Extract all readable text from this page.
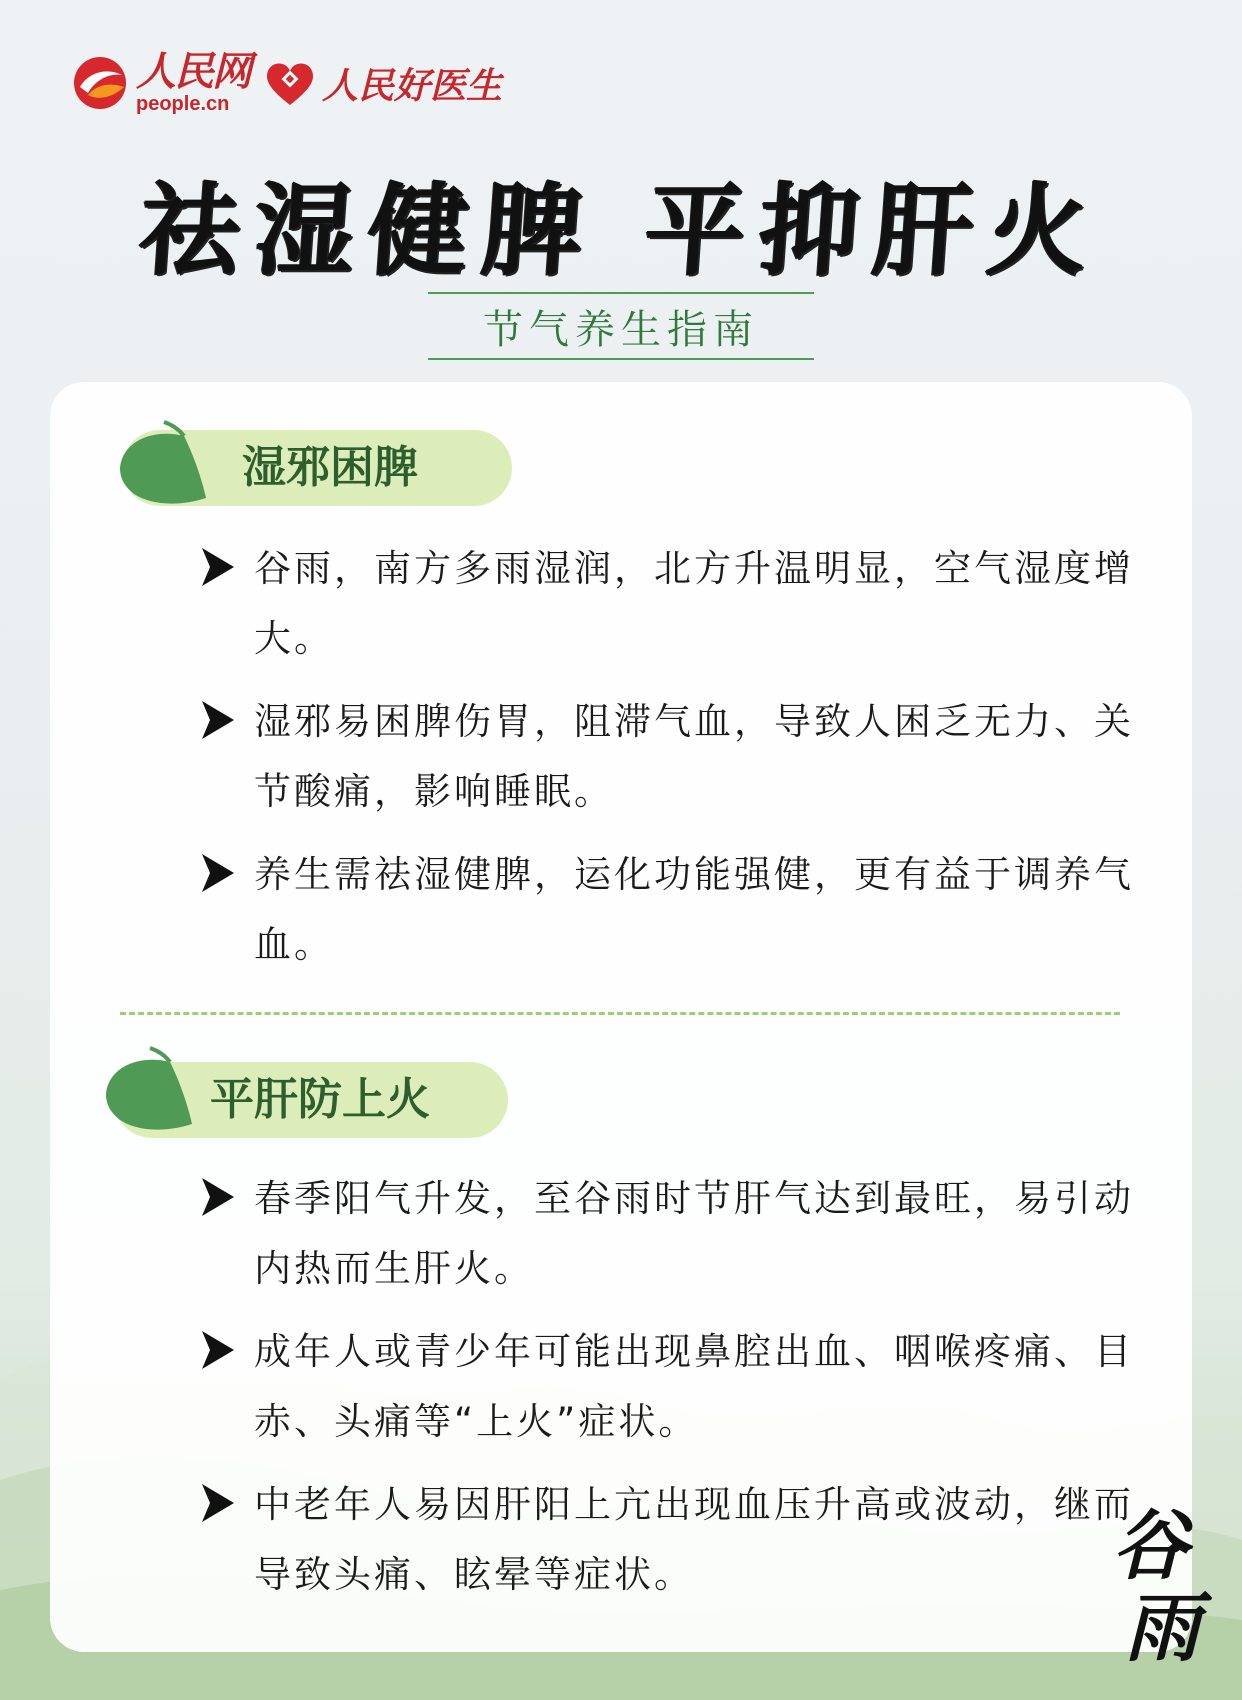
人民网
people.cn	人民好医生
祛湿健脾 平抑肝火
节气养生指南
湿邪困脾
谷雨，南方多雨湿润，北方升温明显，空气湿度增大。
湿邪易困脾伤胃，阻滞气血，导致人困乏无力、关节酸痛，影响睡眠。
养生需祛湿健脾，运化功能强健，更有益于调养气血。
平肝防上火
春季阳气升发，至谷雨时节肝气达到最旺，易引动内热而生肝火。
成年人或青少年可能出现鼻腔出血、咽喉疼痛、目赤、头痛等“上火”症状。
中老年人易因肝阳上亢出现血压升高或波动，继而导致头痛、眩晕等症状。	谷
雨
